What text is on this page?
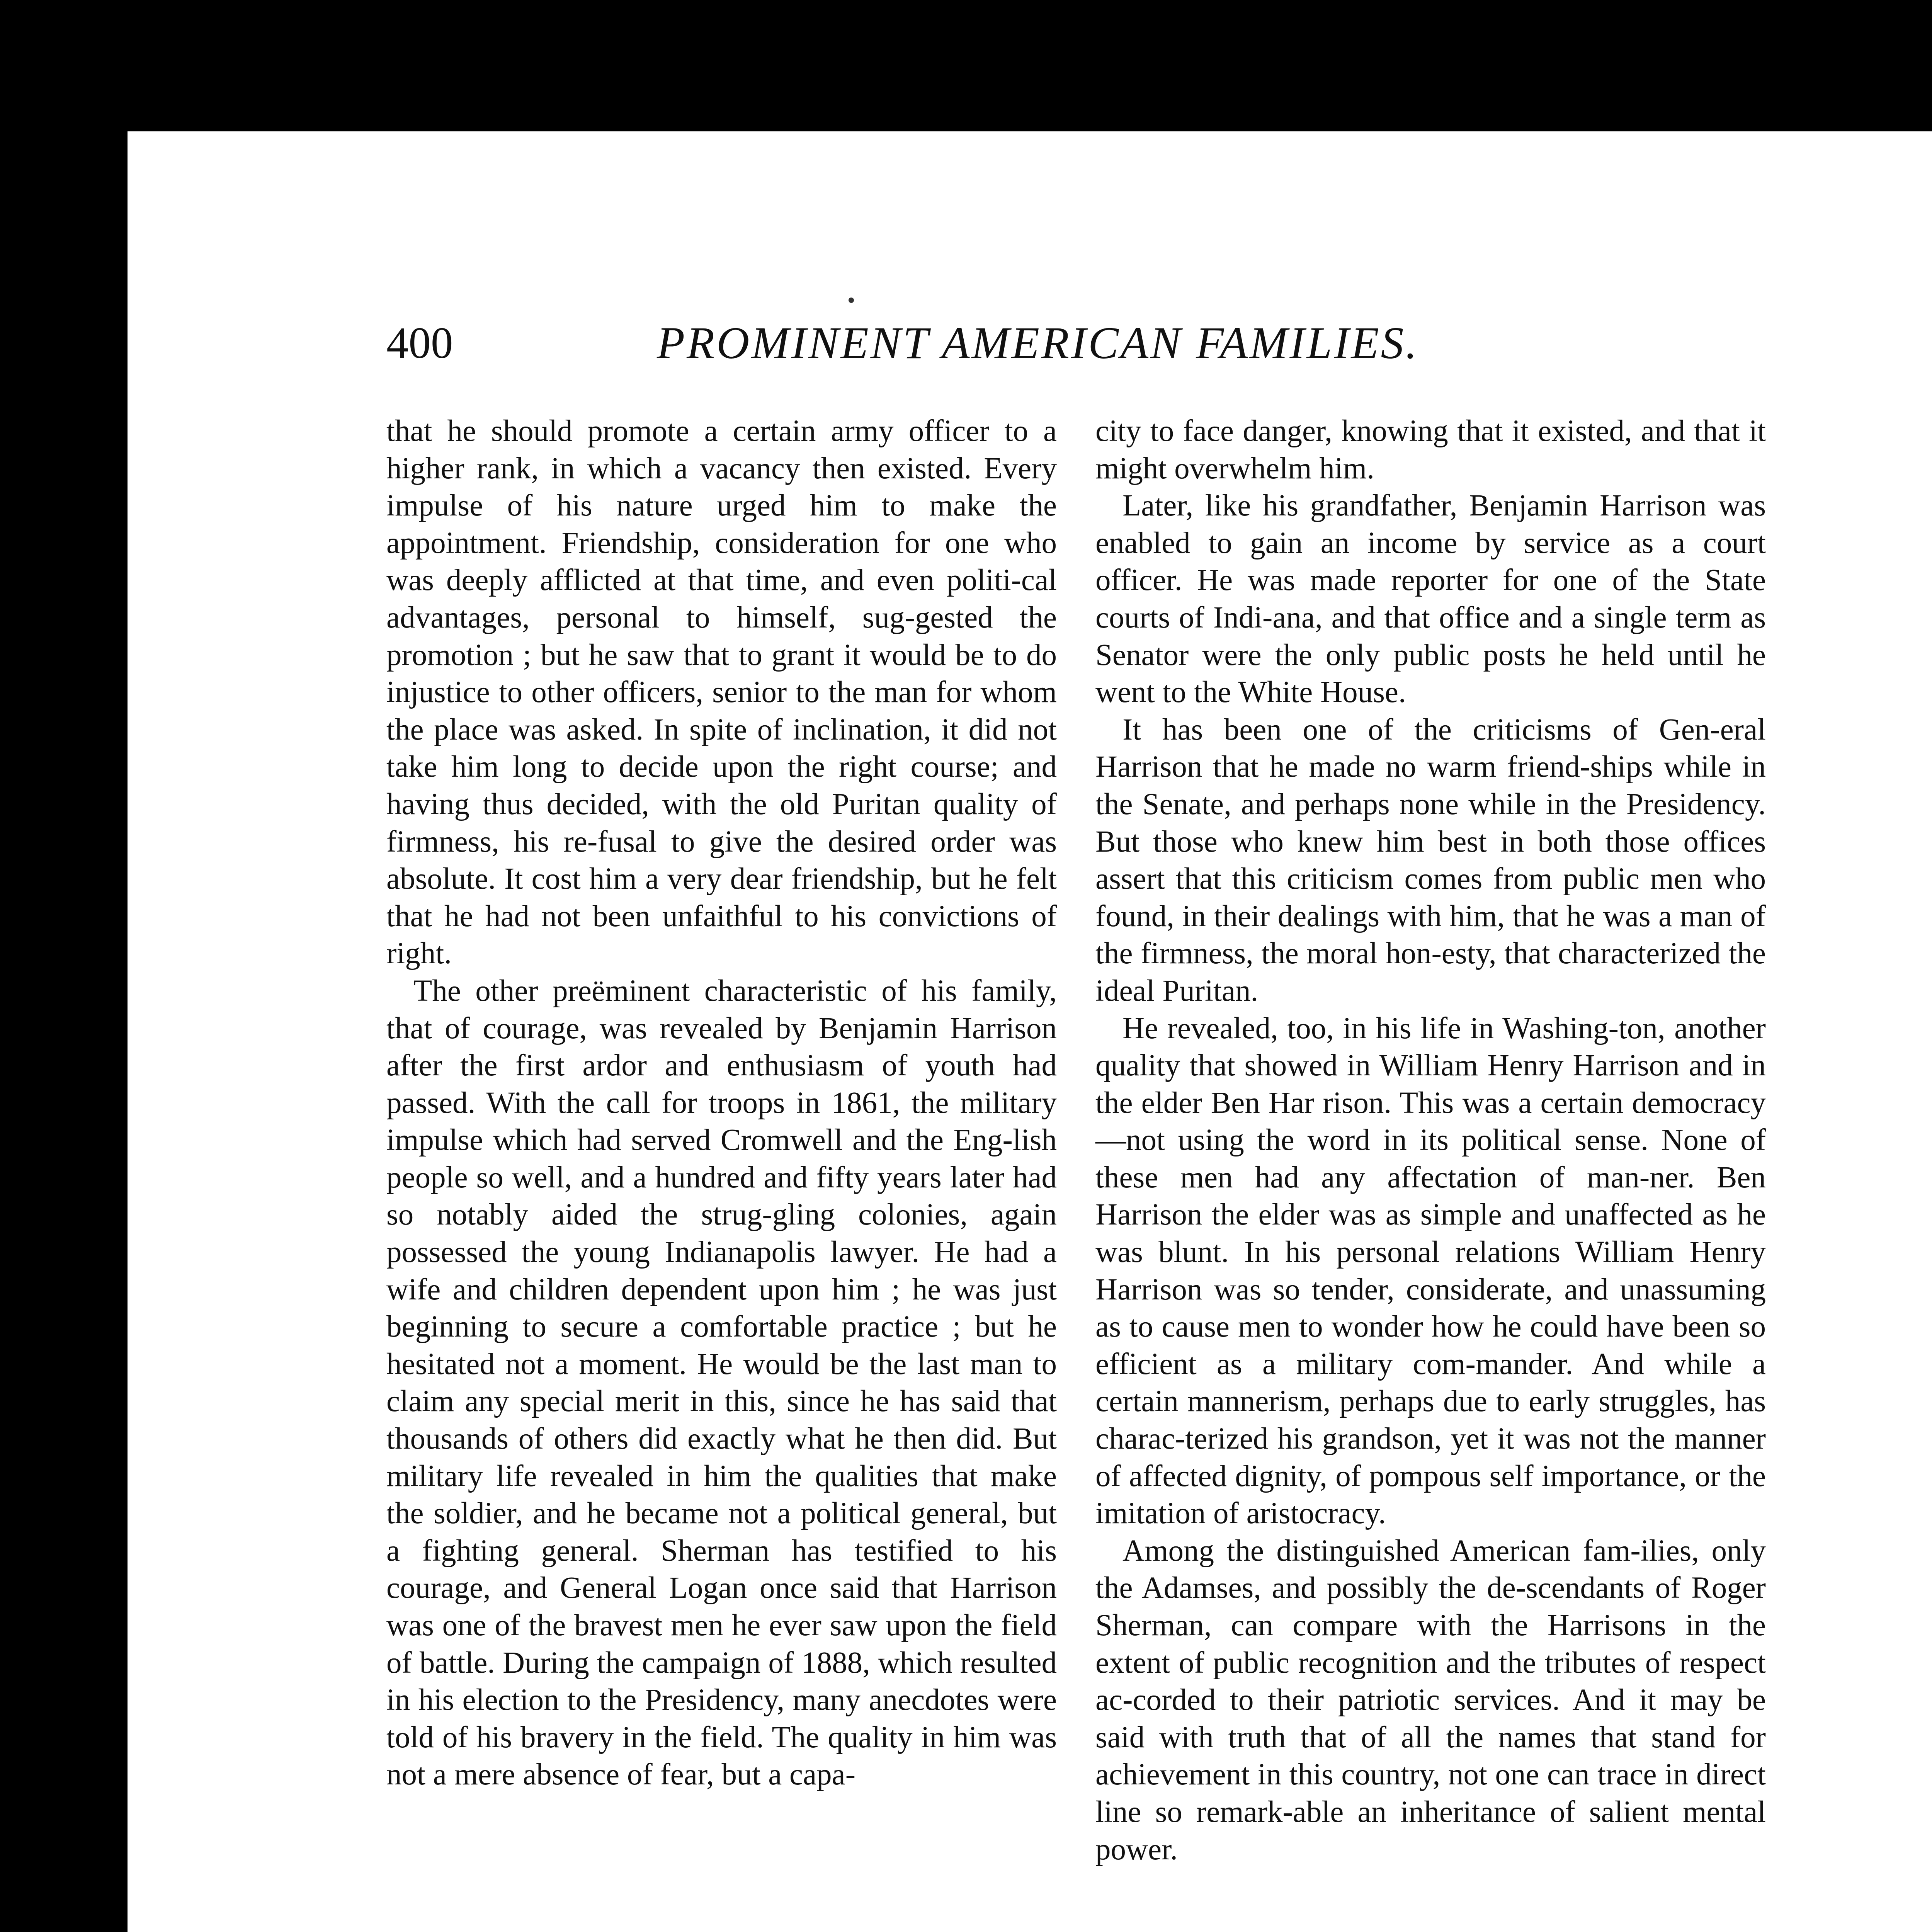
400	PROMINENT AMERICAN FAMILIES.

that he should promote a certain army officer to a higher rank, in which a vacancy then existed. Every impulse of his nature urged him to make the appointment. Friendship, consideration for one who was deeply afflicted at that time, and even politi-cal advantages, personal to himself, sug-gested the promotion ; but he saw that to grant it would be to do injustice to other officers, senior to the man for whom the place was asked. In spite of inclination, it did not take him long to decide upon the right course; and having thus decided, with the old Puritan quality of firmness, his re-fusal to give the desired order was absolute. It cost him a very dear friendship, but he felt that he had not been unfaithful to his convictions of right.

The other preëminent characteristic of his family, that of courage, was revealed by Benjamin Harrison after the first ardor and enthusiasm of youth had passed. With the call for troops in 1861, the military impulse which had served Cromwell and the Eng-lish people so well, and a hundred and fifty years later had so notably aided the strug-gling colonies, again possessed the young Indianapolis lawyer. He had a wife and children dependent upon him ; he was just beginning to secure a comfortable practice ; but he hesitated not a moment. He would be the last man to claim any special merit in this, since he has said that thousands of others did exactly what he then did. But military life revealed in him the qualities that make the soldier, and he became not a political general, but a fighting general. Sherman has testified to his courage, and General Logan once said that Harrison was one of the bravest men he ever saw upon the field of battle. During the campaign of 1888, which resulted in his election to the Presidency, many anecdotes were told of his bravery in the field. The quality in him was not a mere absence of fear, but a capa-

city to face danger, knowing that it existed, and that it might overwhelm him.

Later, like his grandfather, Benjamin Harrison was enabled to gain an income by service as a court officer. He was made reporter for one of the State courts of Indi-ana, and that office and a single term as Senator were the only public posts he held until he went to the White House.

It has been one of the criticisms of Gen-eral Harrison that he made no warm friend-ships while in the Senate, and perhaps none while in the Presidency. But those who knew him best in both those offices assert that this criticism comes from public men who found, in their dealings with him, that he was a man of the firmness, the moral hon-esty, that characterized the ideal Puritan.

He revealed, too, in his life in Washing-ton, another quality that showed in William Henry Harrison and in the elder Ben Har rison. This was a certain democracy—not using the word in its political sense. None of these men had any affectation of man-ner. Ben Harrison the elder was as simple and unaffected as he was blunt. In his personal relations William Henry Harrison was so tender, considerate, and unassuming as to cause men to wonder how he could have been so efficient as a military com-mander. And while a certain mannerism, perhaps due to early struggles, has charac-terized his grandson, yet it was not the manner of affected dignity, of pompous self importance, or the imitation of aristocracy.

Among the distinguished American fam-ilies, only the Adamses, and possibly the de-scendants of Roger Sherman, can compare with the Harrisons in the extent of public recognition and the tributes of respect ac-corded to their patriotic services. And it may be said with truth that of all the names that stand for achievement in this country, not one can trace in direct line so remark-able an inheritance of salient mental power.
